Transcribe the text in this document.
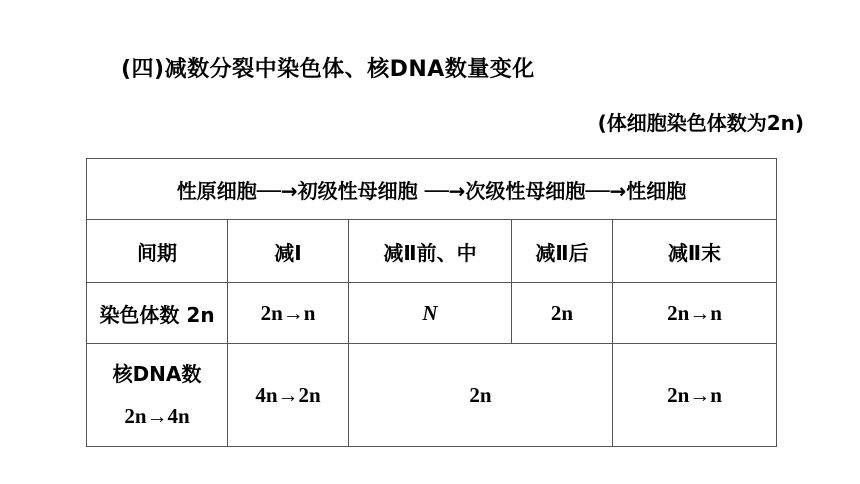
(四)减数分裂中染色体、核DNA数量变化
(体细胞染色体数为2n)
性原细胞──→初级性母细胞 ──→次级性母细胞──→性细胞				
间期	减Ⅰ	减Ⅱ前、中	减Ⅱ后	减Ⅱ末
染色体数 2n	2n→n	N	2n	2n→n

核DNA数
2n→4n	4n→2n	2n		2n→n
